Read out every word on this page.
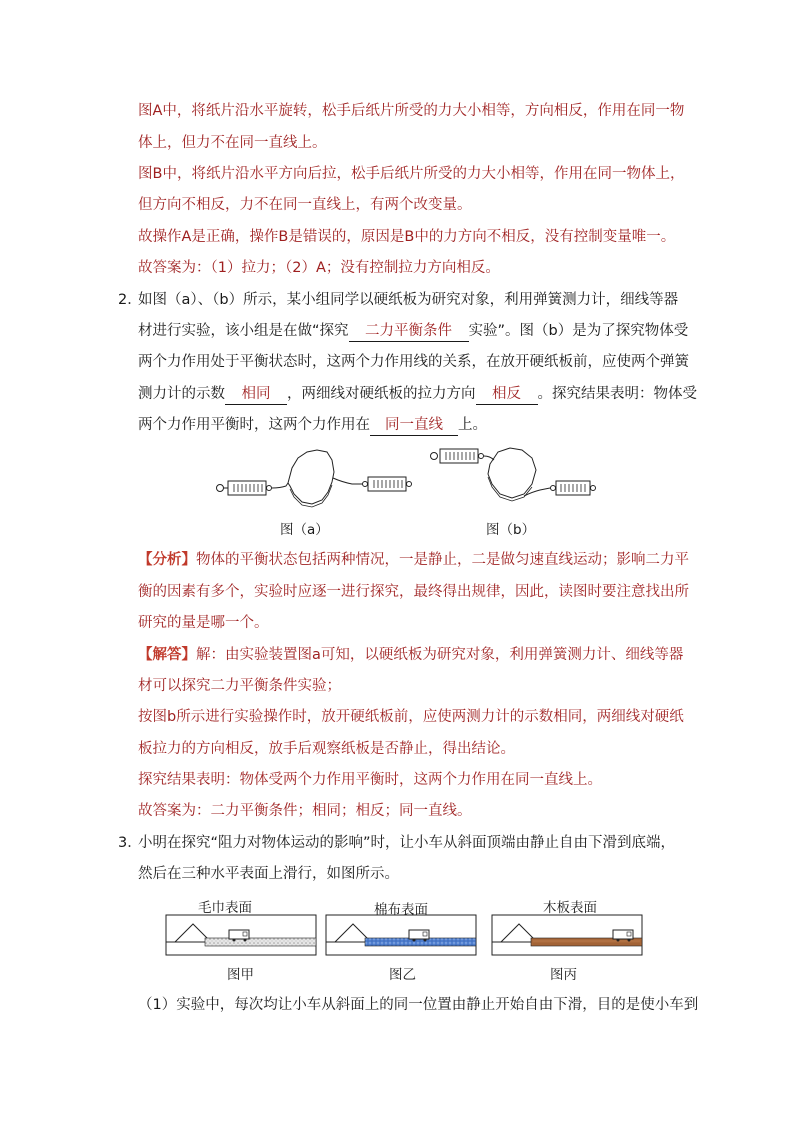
图A中，将纸片沿水平旋转，松手后纸片所受的力大小相等，方向相反，作用在同一物
体上，但力不在同一直线上。
图B中，将纸片沿水平方向后拉，松手后纸片所受的力大小相等，作用在同一物体上，
但方向不相反，力不在同一直线上，有两个改变量。
故操作A是正确，操作B是错误的，原因是B中的力方向不相反，没有控制变量唯一。
故答案为：（1）拉力；（2）A；没有控制拉力方向相反。
2．
如图（a）、（b）所示，某小组同学以硬纸板为研究对象，利用弹簧测力计，细线等器
材进行实验，该小组是在做“探究 二力平衡条件 实验”。图（b）是为了探究物体受
两个力作用处于平衡状态时，这两个力作用线的关系，在放开硬纸板前，应使两个弹簧
测力计的示数 相同 ，两细线对硬纸板的拉力方向 相反 。探究结果表明：物体受
两个力作用平衡时，这两个力作用在 同一直线 上。
图（a）	图（b）
【分析】物体的平衡状态包括两种情况，一是静止，二是做匀速直线运动；影响二力平
衡的因素有多个，实验时应逐一进行探究，最终得出规律，因此，读图时要注意找出所
研究的量是哪一个。
【解答】解：由实验装置图a可知，以硬纸板为研究对象，利用弹簧测力计、细线等器
材可以探究二力平衡条件实验；
按图b所示进行实验操作时，放开硬纸板前，应使两测力计的示数相同，两细线对硬纸
板拉力的方向相反，放手后观察纸板是否静止，得出结论。
探究结果表明：物体受两个力作用平衡时，这两个力作用在同一直线上。
故答案为：二力平衡条件；相同；相反；同一直线。
3．
小明在探究“阻力对物体运动的影响”时，让小车从斜面顶端由静止自由下滑到底端，
然后在三种水平表面上滑行，如图所示。
毛巾表面	棉布表面	木板表面
图甲	图乙	图丙
（1）实验中，每次均让小车从斜面上的同一位置由静止开始自由下滑，目的是使小车到
